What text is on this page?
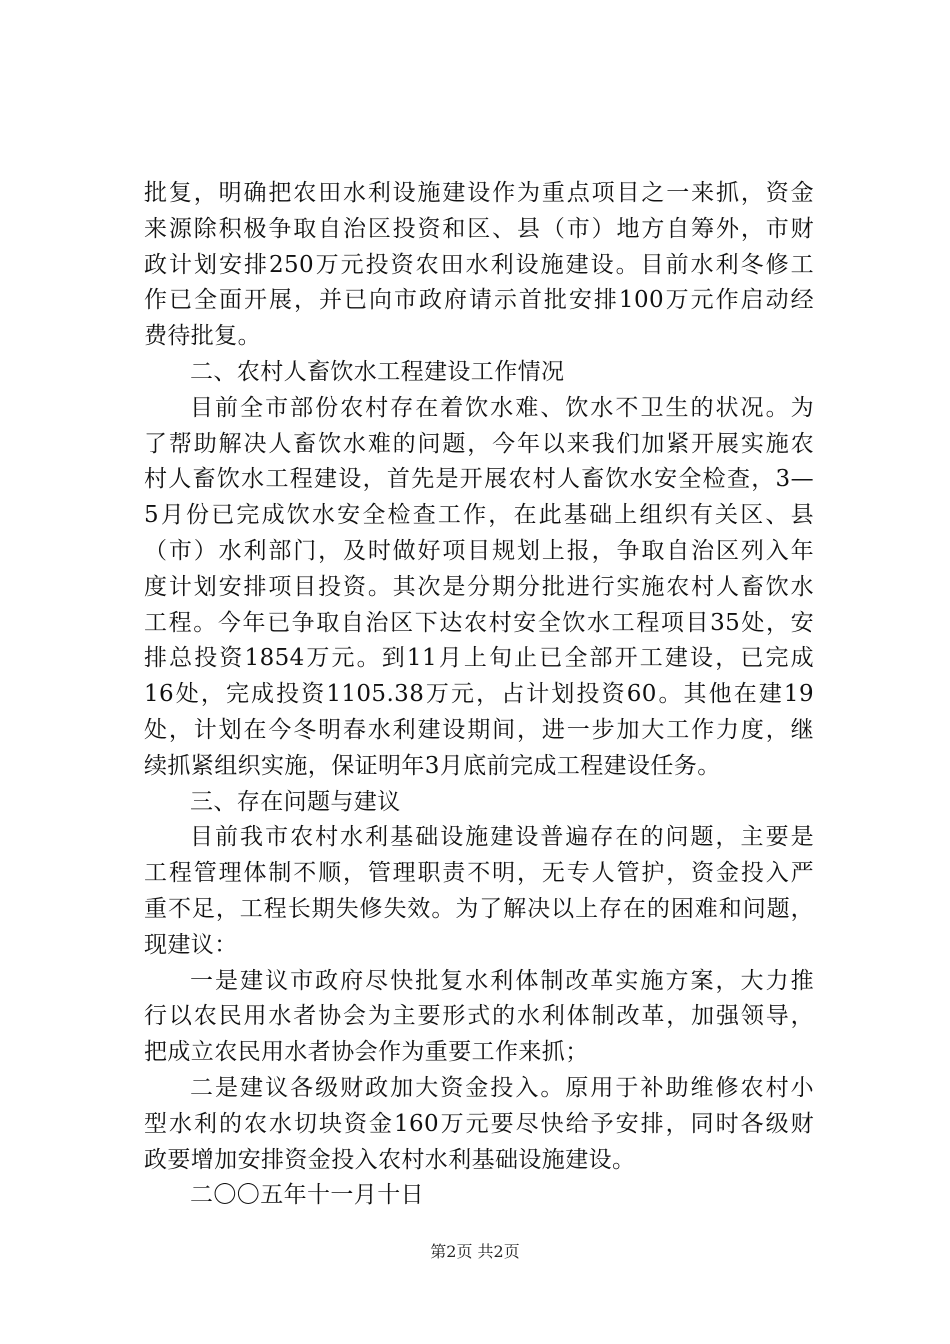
批复，明确把农田水利设施建设作为重点项目之一来抓，资金
来源除积极争取自治区投资和区、县（市）地方自筹外，市财
政计划安排250万元投资农田水利设施建设。目前水利冬修工
作已全面开展，并已向市政府请示首批安排100万元作启动经
费待批复。
二、农村人畜饮水工程建设工作情况
目前全市部份农村存在着饮水难、饮水不卫生的状况。为
了帮助解决人畜饮水难的问题，今年以来我们加紧开展实施农
村人畜饮水工程建设，首先是开展农村人畜饮水安全检查，3—
5月份已完成饮水安全检查工作，在此基础上组织有关区、县
（市）水利部门，及时做好项目规划上报，争取自治区列入年
度计划安排项目投资。其次是分期分批进行实施农村人畜饮水
工程。今年已争取自治区下达农村安全饮水工程项目35处，安
排总投资1854万元。到11月上旬止已全部开工建设，已完成
16处，完成投资1105.38万元，占计划投资60。其他在建19
处，计划在今冬明春水利建设期间，进一步加大工作力度，继
续抓紧组织实施，保证明年3月底前完成工程建设任务。
三、存在问题与建议
目前我市农村水利基础设施建设普遍存在的问题，主要是
工程管理体制不顺，管理职责不明，无专人管护，资金投入严
重不足，工程长期失修失效。为了解决以上存在的困难和问题，
现建议：
一是建议市政府尽快批复水利体制改革实施方案，大力推
行以农民用水者协会为主要形式的水利体制改革，加强领导，
把成立农民用水者协会作为重要工作来抓；
二是建议各级财政加大资金投入。原用于补助维修农村小
型水利的农水切块资金160万元要尽快给予安排，同时各级财
政要增加安排资金投入农村水利基础设施建设。
二〇〇五年十一月十日
第2页 共2页
